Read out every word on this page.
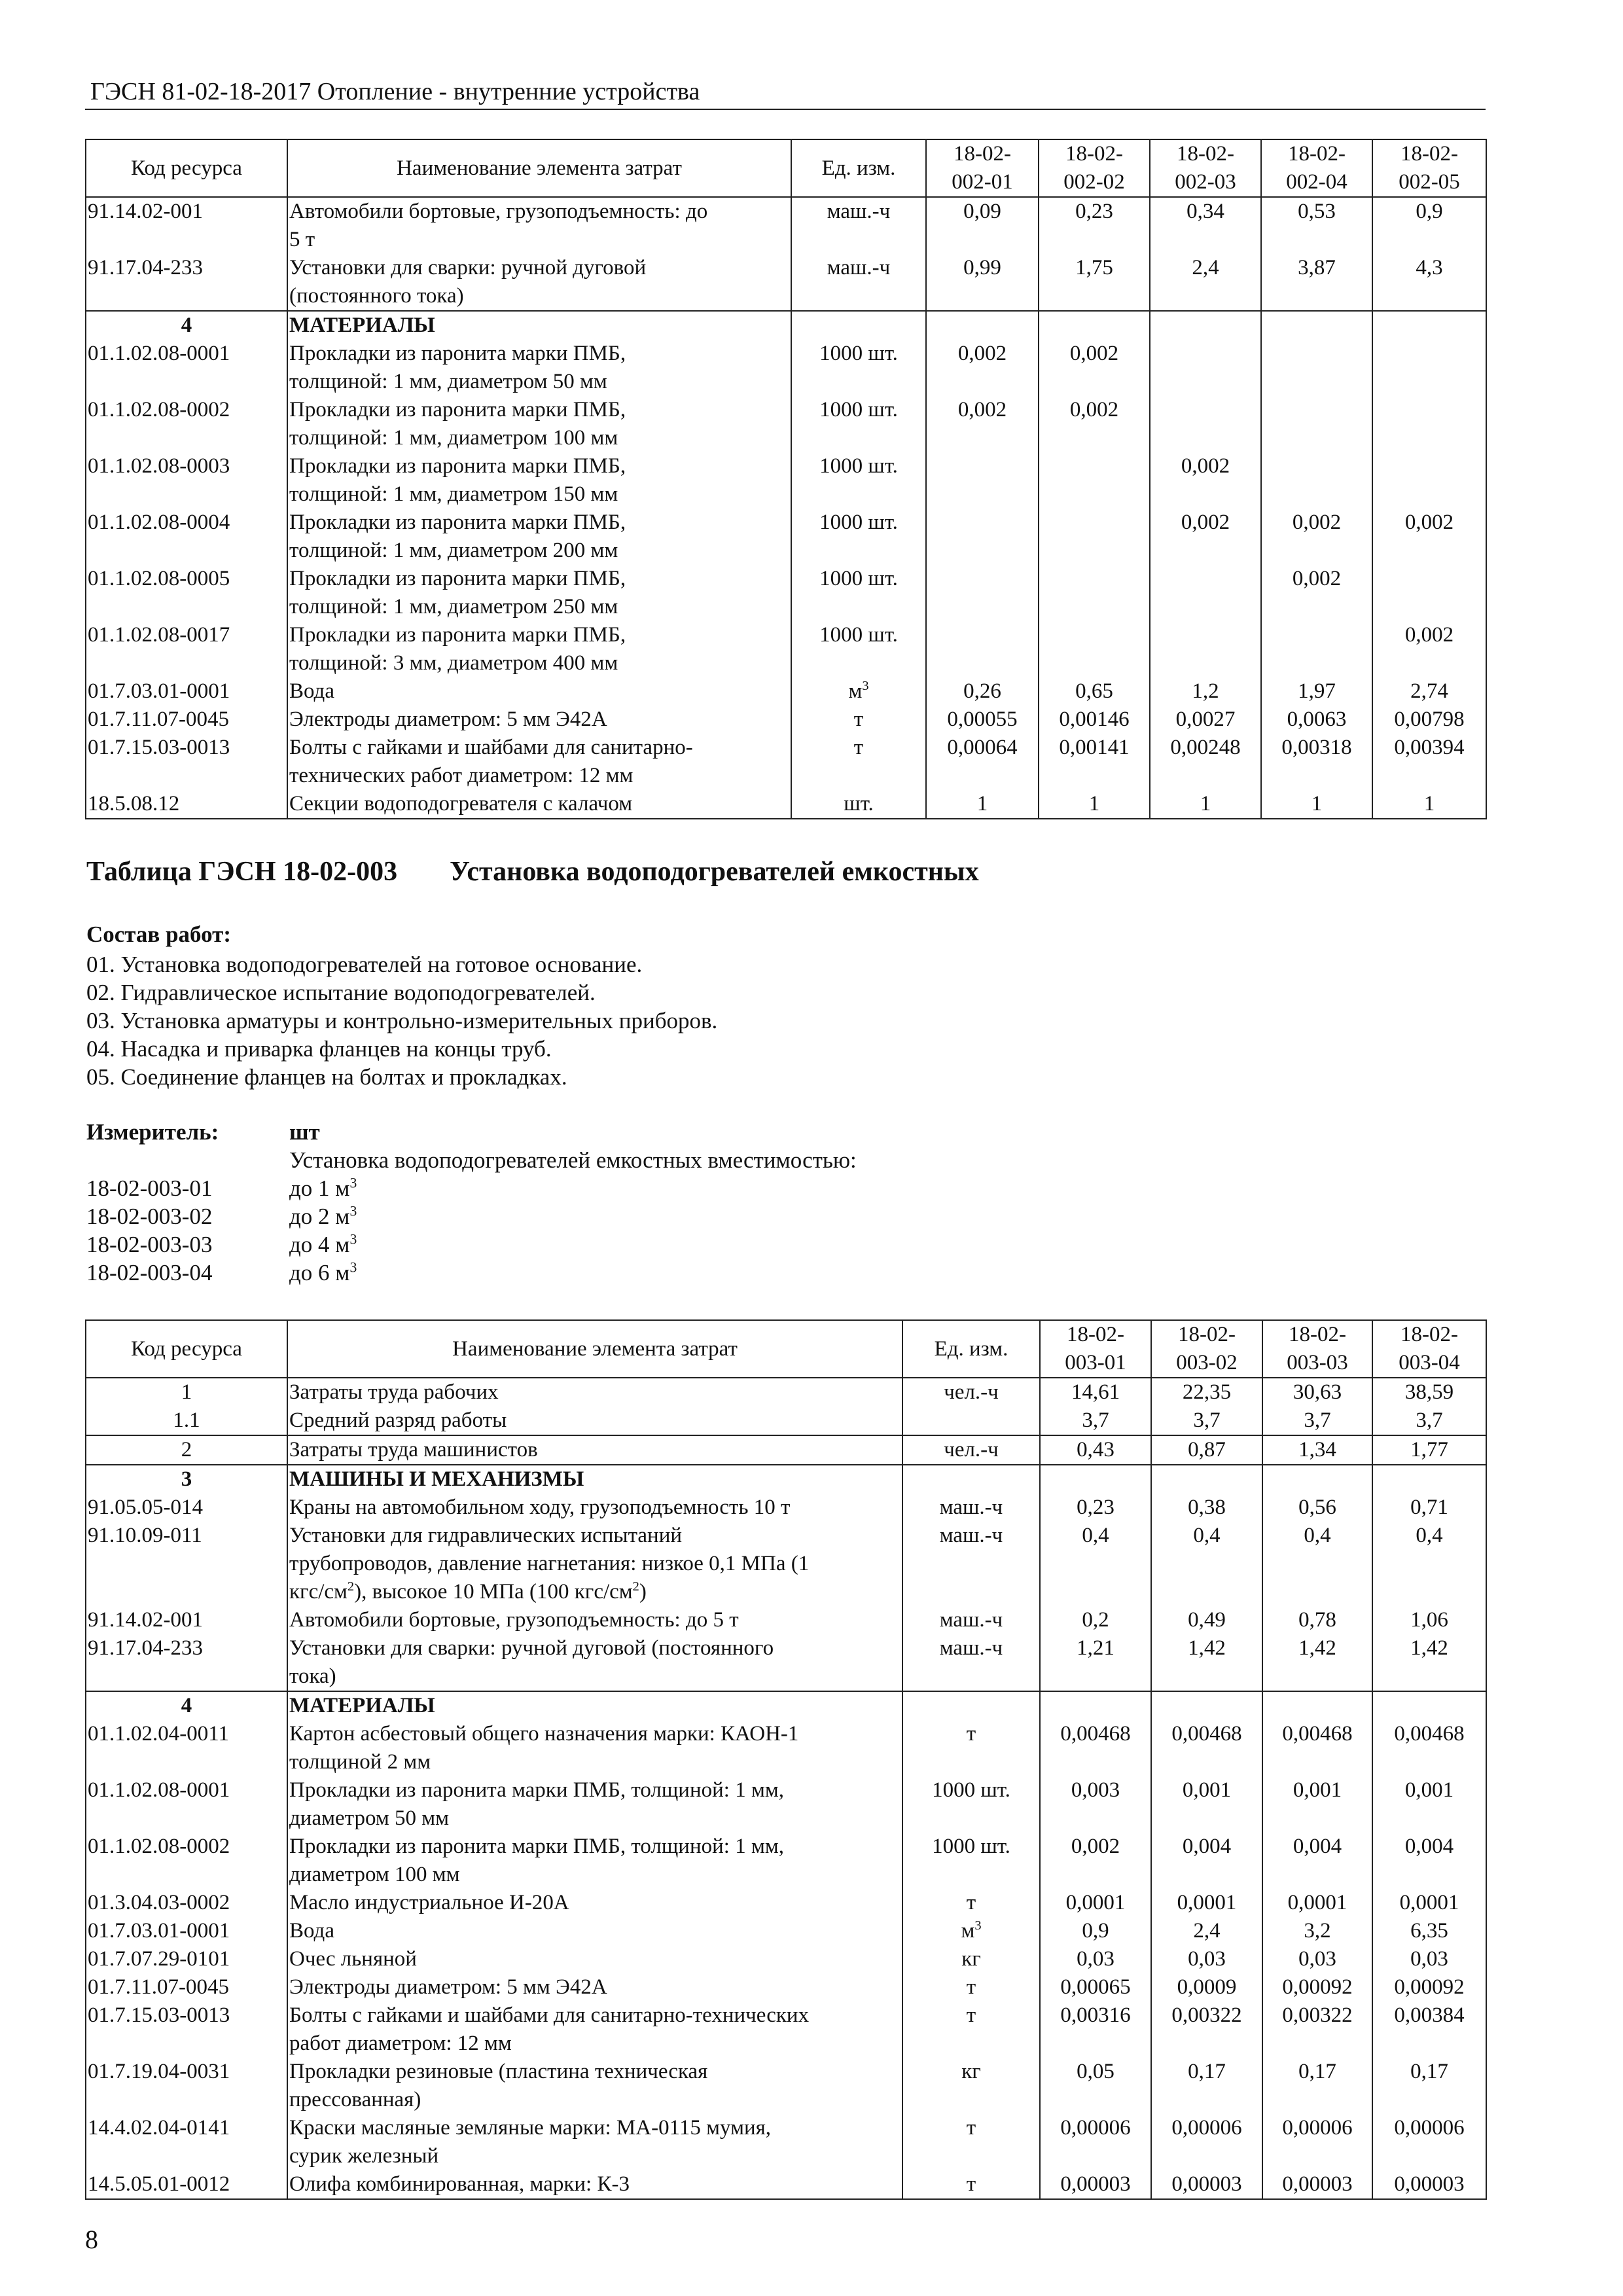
ГЭСН 81-02-18-2017 Отопление - внутренние устройства
Код ресурса	Наименование элемента затрат	Ед. изм.	18-02-
002-01	18-02-
002-02	18-02-
002-03	18-02-
002-04	18-02-
002-05
91.14.02-001	Автомобили бортовые, грузоподъемность: до
5 т	маш.-ч	0,09	0,23	0,34	0,53	0,9
91.17.04-233	Установки для сварки: ручной дуговой
(постоянного тока)	маш.-ч	0,99	1,75	2,4	3,87	4,3
4	МАТЕРИАЛЫ						
01.1.02.08-0001	Прокладки из паронита марки ПМБ,
толщиной: 1 мм, диаметром 50 мм	1000 шт.	0,002	0,002			
01.1.02.08-0002	Прокладки из паронита марки ПМБ,
толщиной: 1 мм, диаметром 100 мм	1000 шт.	0,002	0,002			
01.1.02.08-0003	Прокладки из паронита марки ПМБ,
толщиной: 1 мм, диаметром 150 мм	1000 шт.			0,002		
01.1.02.08-0004	Прокладки из паронита марки ПМБ,
толщиной: 1 мм, диаметром 200 мм	1000 шт.			0,002	0,002	0,002
01.1.02.08-0005	Прокладки из паронита марки ПМБ,
толщиной: 1 мм, диаметром 250 мм	1000 шт.				0,002	
01.1.02.08-0017	Прокладки из паронита марки ПМБ,
толщиной: 3 мм, диаметром 400 мм	1000 шт.					0,002
01.7.03.01-0001	Вода	$м^3$	0,26	0,65	1,2	1,97	2,74
01.7.11.07-0045	Электроды диаметром: 5 мм Э42А	т	0,00055	0,00146	0,0027	0,0063	0,00798
01.7.15.03-0013	Болты с гайками и шайбами для санитарно-
технических работ диаметром: 12 мм	т	0,00064	0,00141	0,00248	0,00318	0,00394
18.5.08.12	Секции водоподогревателя с калачом	шт.	1	1	1	1	1
Таблица ГЭСН 18-02-003 Установка водоподогревателей емкостных
Состав работ:
01. Установка водоподогревателей на готовое основание.
02. Гидравлическое испытание водоподогревателей.
03. Установка арматуры и контрольно-измерительных приборов.
04. Насадка и приварка фланцев на концы труб.
05. Соединение фланцев на болтах и прокладках.
Измеритель:	шт
Установка водоподогревателей емкостных вместимостью:
18-02-003-01	до 1 $м^3$
18-02-003-02	до 2 $м^3$
18-02-003-03	до 4 $м^3$
18-02-003-04	до 6 $м^3$
Код ресурса	Наименование элемента затрат	Ед. изм.	18-02-
003-01	18-02-
003-02	18-02-
003-03	18-02-
003-04
1	Затраты труда рабочих	чел.-ч	14,61	22,35	30,63	38,59
1.1	Средний разряд работы		3,7	3,7	3,7	3,7
2	Затраты труда машинистов	чел.-ч	0,43	0,87	1,34	1,77
3	МАШИНЫ И МЕХАНИЗМЫ					
91.05.05-014	Краны на автомобильном ходу, грузоподъемность 10 т	маш.-ч	0,23	0,38	0,56	0,71
91.10.09-011	Установки для гидравлических испытаний
трубопроводов, давление нагнетания: низкое 0,1 МПа (1
кгс/$см^2$), высокое 10 МПа (100 кгс/$см^2$)	маш.-ч	0,4	0,4	0,4	0,4
91.14.02-001	Автомобили бортовые, грузоподъемность: до 5 т	маш.-ч	0,2	0,49	0,78	1,06
91.17.04-233	Установки для сварки: ручной дуговой (постоянного
тока)	маш.-ч	1,21	1,42	1,42	1,42
4	МАТЕРИАЛЫ					
01.1.02.04-0011	Картон асбестовый общего назначения марки: КАОН-1
толщиной 2 мм	т	0,00468	0,00468	0,00468	0,00468
01.1.02.08-0001	Прокладки из паронита марки ПМБ, толщиной: 1 мм,
диаметром 50 мм	1000 шт.	0,003	0,001	0,001	0,001
01.1.02.08-0002	Прокладки из паронита марки ПМБ, толщиной: 1 мм,
диаметром 100 мм	1000 шт.	0,002	0,004	0,004	0,004
01.3.04.03-0002	Масло индустриальное И-20А	т	0,0001	0,0001	0,0001	0,0001
01.7.03.01-0001	Вода	$м^3$	0,9	2,4	3,2	6,35
01.7.07.29-0101	Очес льняной	кг	0,03	0,03	0,03	0,03
01.7.11.07-0045	Электроды диаметром: 5 мм Э42А	т	0,00065	0,0009	0,00092	0,00092
01.7.15.03-0013	Болты с гайками и шайбами для санитарно-технических
работ диаметром: 12 мм	т	0,00316	0,00322	0,00322	0,00384
01.7.19.04-0031	Прокладки резиновые (пластина техническая
прессованная)	кг	0,05	0,17	0,17	0,17
14.4.02.04-0141	Краски масляные земляные марки: МА-0115 мумия,
сурик железный	т	0,00006	0,00006	0,00006	0,00006
14.5.05.01-0012	Олифа комбинированная, марки: К-3	т	0,00003	0,00003	0,00003	0,00003
8
